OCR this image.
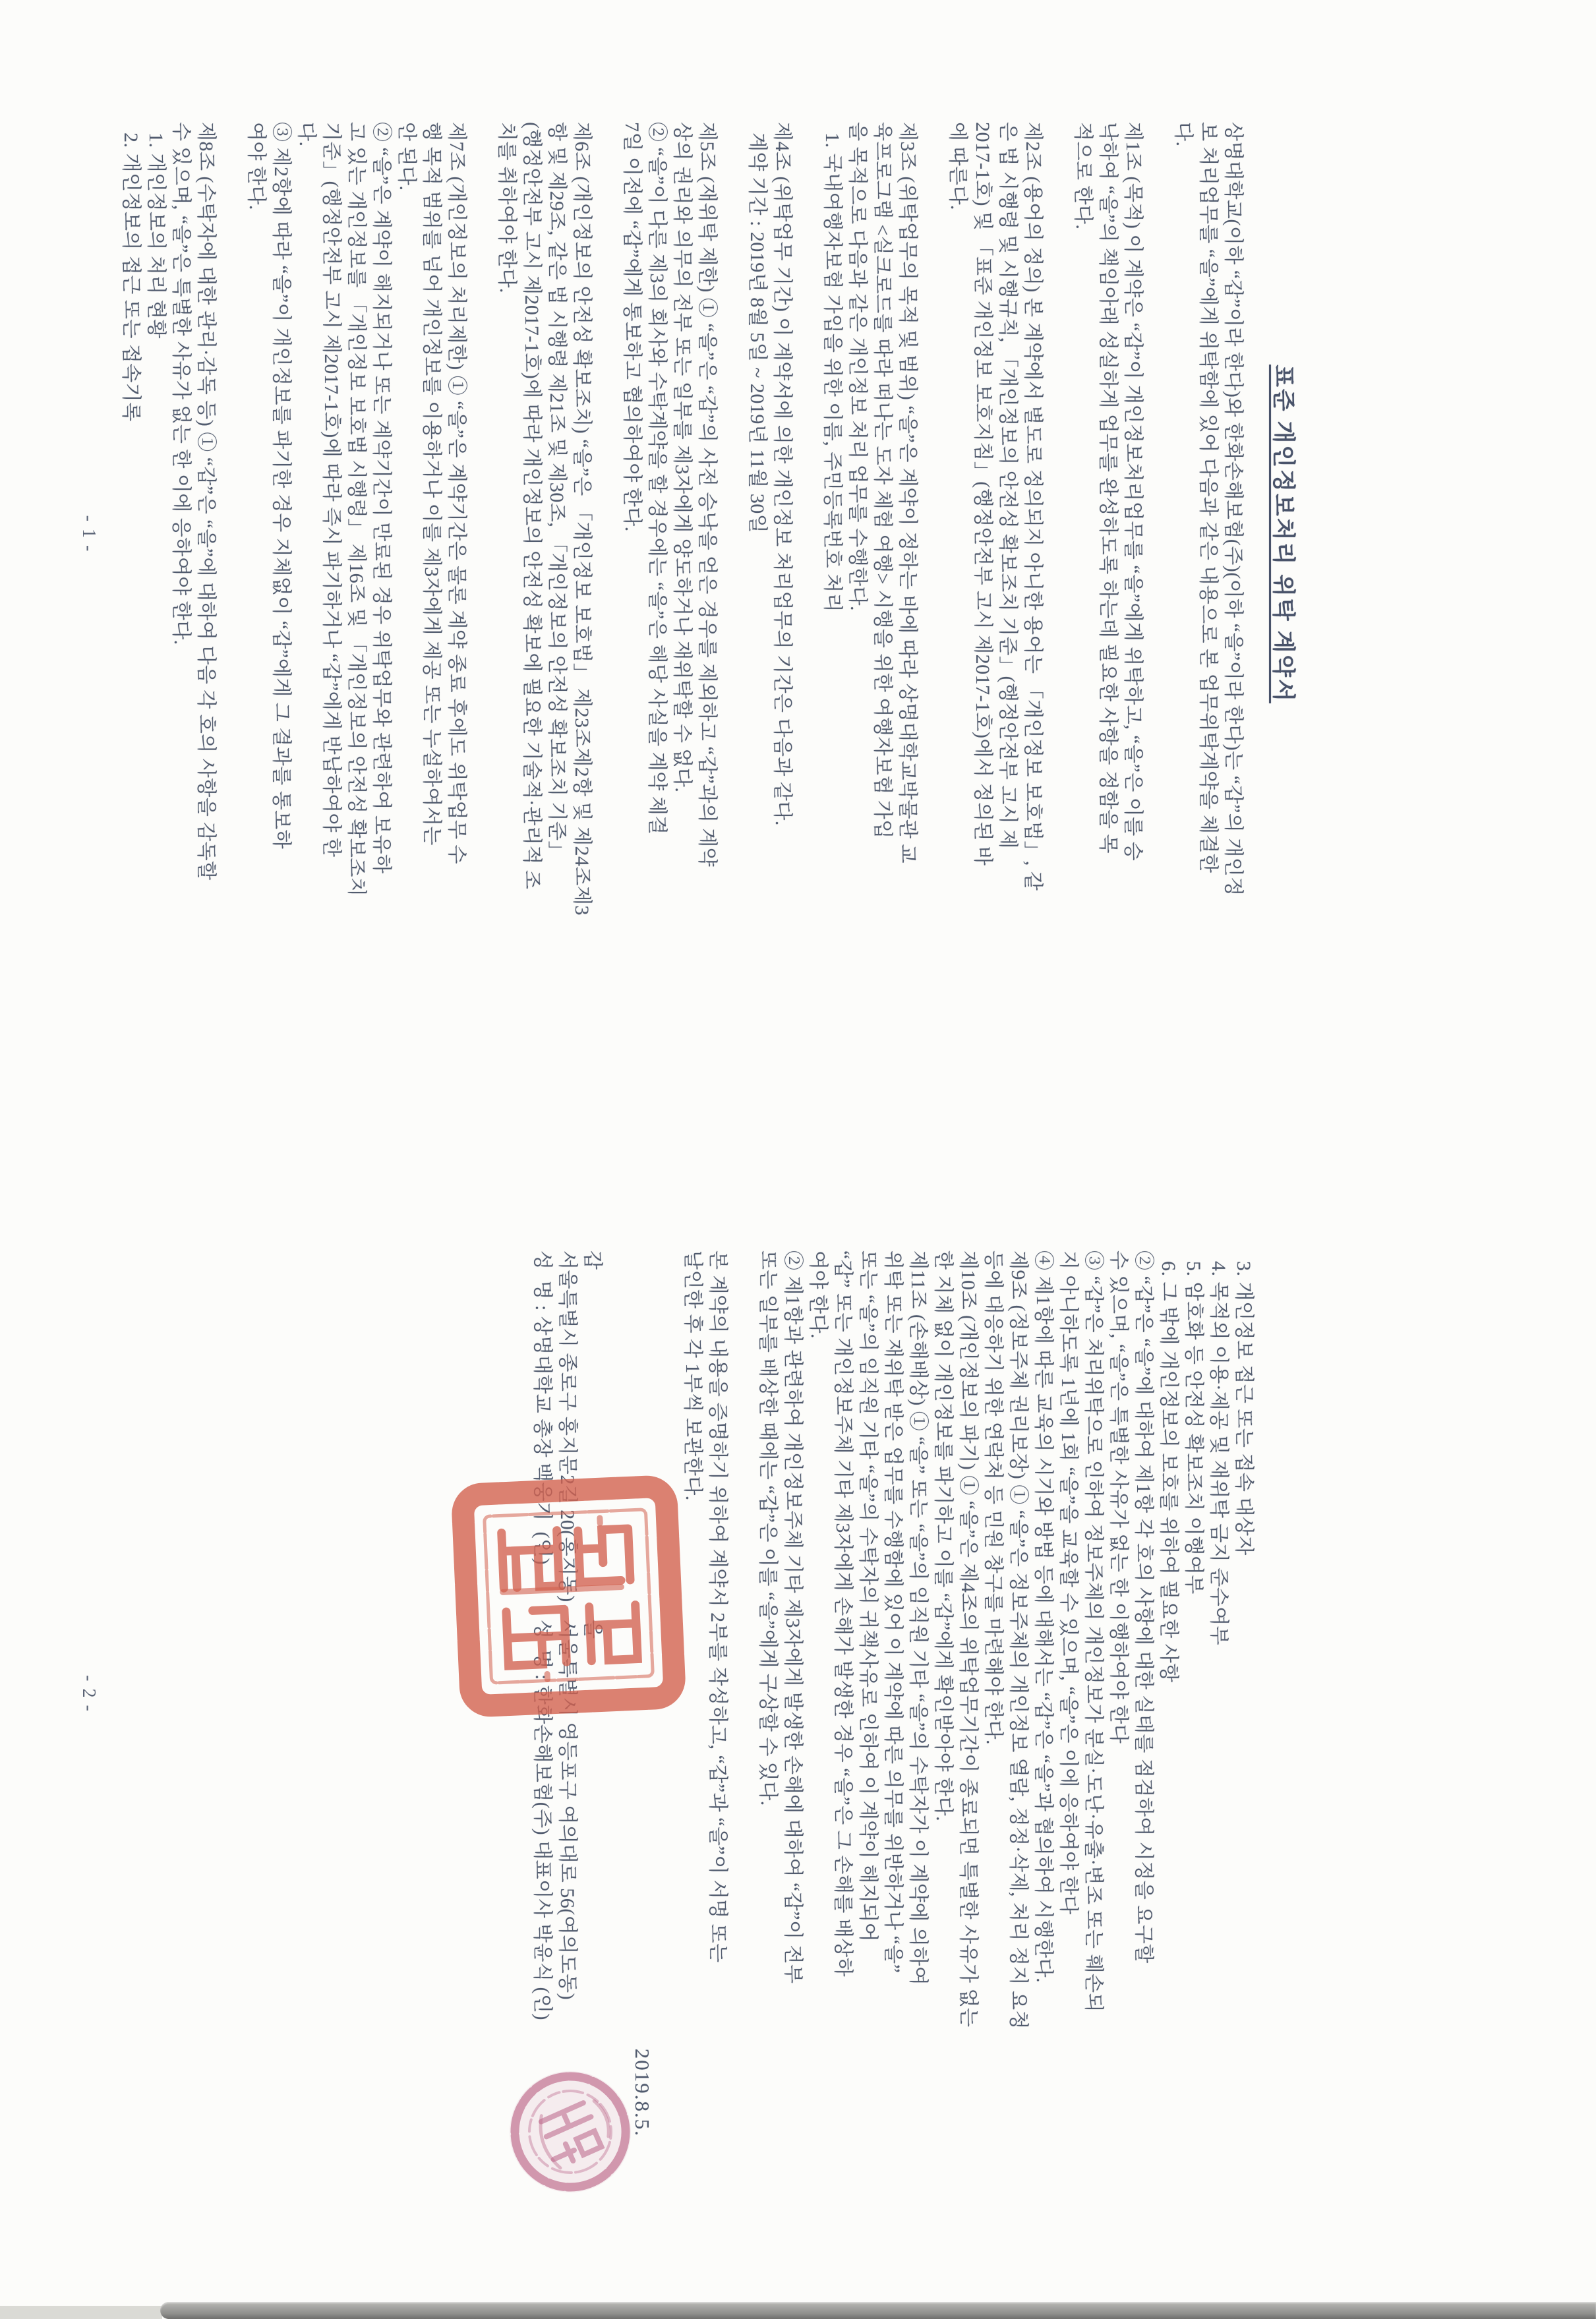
표준 개인정보처리 위탁 계약서
상명대학교(이하 “갑”이라 한다)와 한화손해보험(주)(이하 “을”이라 한다)는 “갑”의 개인정
보 처리업무를 “을”에게 위탁함에 있어 다음과 같은 내용으로 본 업무위탁계약을 체결한
다.
제1조 (목적) 이 계약은 “갑”이 개인정보처리업무를 “을”에게 위탁하고, “을”은 이를 승
낙하여 “을”의 책임아래 성실하게 업무를 완성하도록 하는데 필요한 사항을 정함을 목
적으로 한다.
제2조 (용어의 정의) 본 계약에서 별도로 정의되지 아니한 용어는 「개인정보 보호법」, 같
은 법 시행령 및 시행규칙, 「개인정보의 안전성 확보조치 기준」(행정안전부 고시 제
2017-1호) 및 「표준 개인정보 보호지침」(행정안전부 고시 제2017-1호)에서 정의된 바
에 따른다.
제3조 (위탁업무의 목적 및 범위) “을”은 계약이 정하는 바에 따라 상명대학교박물관 교
육프로그램 <실크로드를 따라 떠나는 도자 체험 여행> 시행을 위한 여행자보험 가입
을 목적으로 다음과 같은 개인정보 처리 업무를 수행한다.
1. 국내여행자보험 가입을 위한 이름, 주민등록번호 처리
제4조 (위탁업무 기간) 이 계약서에 의한 개인정보 처리업무의 기간은 다음과 같다.
계약 기간 : 2019년 8월 5일 ~ 2019년 11월 30일
제5조 (재위탁 제한) ① “을”은 “갑”의 사전 승낙을 얻은 경우를 제외하고 “갑”과의 계약
상의 권리와 의무의 전부 또는 일부를 제3자에게 양도하거나 재위탁할 수 없다.
② “을”이 다른 제3의 회사와 수탁계약을 할 경우에는 “을”은 해당 사실을 계약 체결
7일 이전에 “갑”에게 통보하고 협의하여야 한다.
제6조 (개인정보의 안전성 확보조치) “을”은 「개인정보 보호법」 제23조제2항 및 제24조제3
항 및 제29조, 같은 법 시행령 제21조 및 제30조, 「개인정보의 안전성 확보조치 기준」
(행정안전부 고시 제2017-1호)에 따라 개인정보의 안전성 확보에 필요한 기술적·관리적 조
치를 취하여야 한다.
제7조 (개인정보의 처리제한) ① “을”은 계약기간은 물론 계약 종료 후에도 위탁업무 수
행 목적 범위를 넘어 개인정보를 이용하거나 이를 제3자에게 제공 또는 누설하여서는
안 된다.
② “을”은 계약이 해지되거나 또는 계약기간이 만료된 경우 위탁업무와 관련하여 보유하
고 있는 개인정보를 「개인정보 보호법 시행령」 제16조 및 「개인정보의 안전성 확보조치
기준」(행정안전부 고시 제2017-1호)에 따라 즉시 파기하거나 “갑”에게 반납하여야 한
다.
③ 제2항에 따라 “을”이 개인정보를 파기한 경우 지체없이 “갑”에게 그 결과를 통보하
여야 한다.
제8조 (수탁자에 대한 관리·감독 등) ① “갑”은 “을”에 대하여 다음 각 호의 사항을 감독할
수 있으며, “을”은 특별한 사유가 없는 한 이에 응하여야 한다.
1. 개인정보의 처리 현황
2. 개인정보의 접근 또는 접속기록
- 1 -
3. 개인정보 접근 또는 접속 대상자
4. 목적외 이용·제공 및 재위탁 금지 준수여부
5. 암호화 등 안전성 확보조치 이행여부
6. 그 밖에 개인정보의 보호를 위하여 필요한 사항
② “갑”은 “을”에 대하여 제1항 각 호의 사항에 대한 실태를 점검하여 시정을 요구할
수 있으며, “을”은 특별한 사유가 없는 한 이행하여야 한다
③ “갑”은 처리위탁으로 인하여 정보주체의 개인정보가 분실·도난·유출·변조 또는 훼손되
지 아니하도록 1년에 1회 “을”을 교육할 수 있으며, “을”은 이에 응하여야 한다
④ 제1항에 따른 교육의 시기와 방법 등에 대해서는 “갑”은 “을”과 협의하여 시행한다.
제9조 (정보주체 권리보장) ① “을”은 정보주체의 개인정보 열람, 정정·삭제, 처리 정지 요청
등에 대응하기 위한 연락처 등 민원 창구를 마련해야 한다.
제10조 (개인정보의 파기) ① “을”은 제4조의 위탁업무기간이 종료되면 특별한 사유가 없는
한 지체 없이 개인정보를 파기하고 이를 “갑”에게 확인받아야 한다.
제11조 (손해배상) ① “을” 또는 “을”의 임직원 기타 “을”의 수탁자가 이 계약에 의하여
위탁 또는 재위탁 받은 업무를 수행함에 있어 이 계약에 따른 의무를 위반하거나 “을”
또는 “을”의 임직원 기타 “을”의 수탁자의 귀책사유로 인하여 이 계약이 해지되어
“갑” 또는 개인정보주체 기타 제3자에게 손해가 발생한 경우 “을”은 그 손해를 배상하
여야 한다.
② 제1항과 관련하여 개인정보주체 기타 제3자에게 발생한 손해에 대하여 “갑”이 전부
또는 일부를 배상한 때에는 “갑”은 이를 “을”에게 구상할 수 있다.
본 계약의 내용을 증명하기 위하여 계약서 2부를 작성하고, “갑”과 “을”이 서명 또는
날인한 후 각 1부씩 보관한다.
2019.8.5.
갑
을
서울특별시 종로구 홍지문2길 20(홍지동)
서울특별시 영등포구 여의대로 56(여의도동)
성  명 : 상명대학교 총장 백웅기  (인)
성  명 : 한화손해보험(주) 대표이사 박윤식 (인)
- 2 -
